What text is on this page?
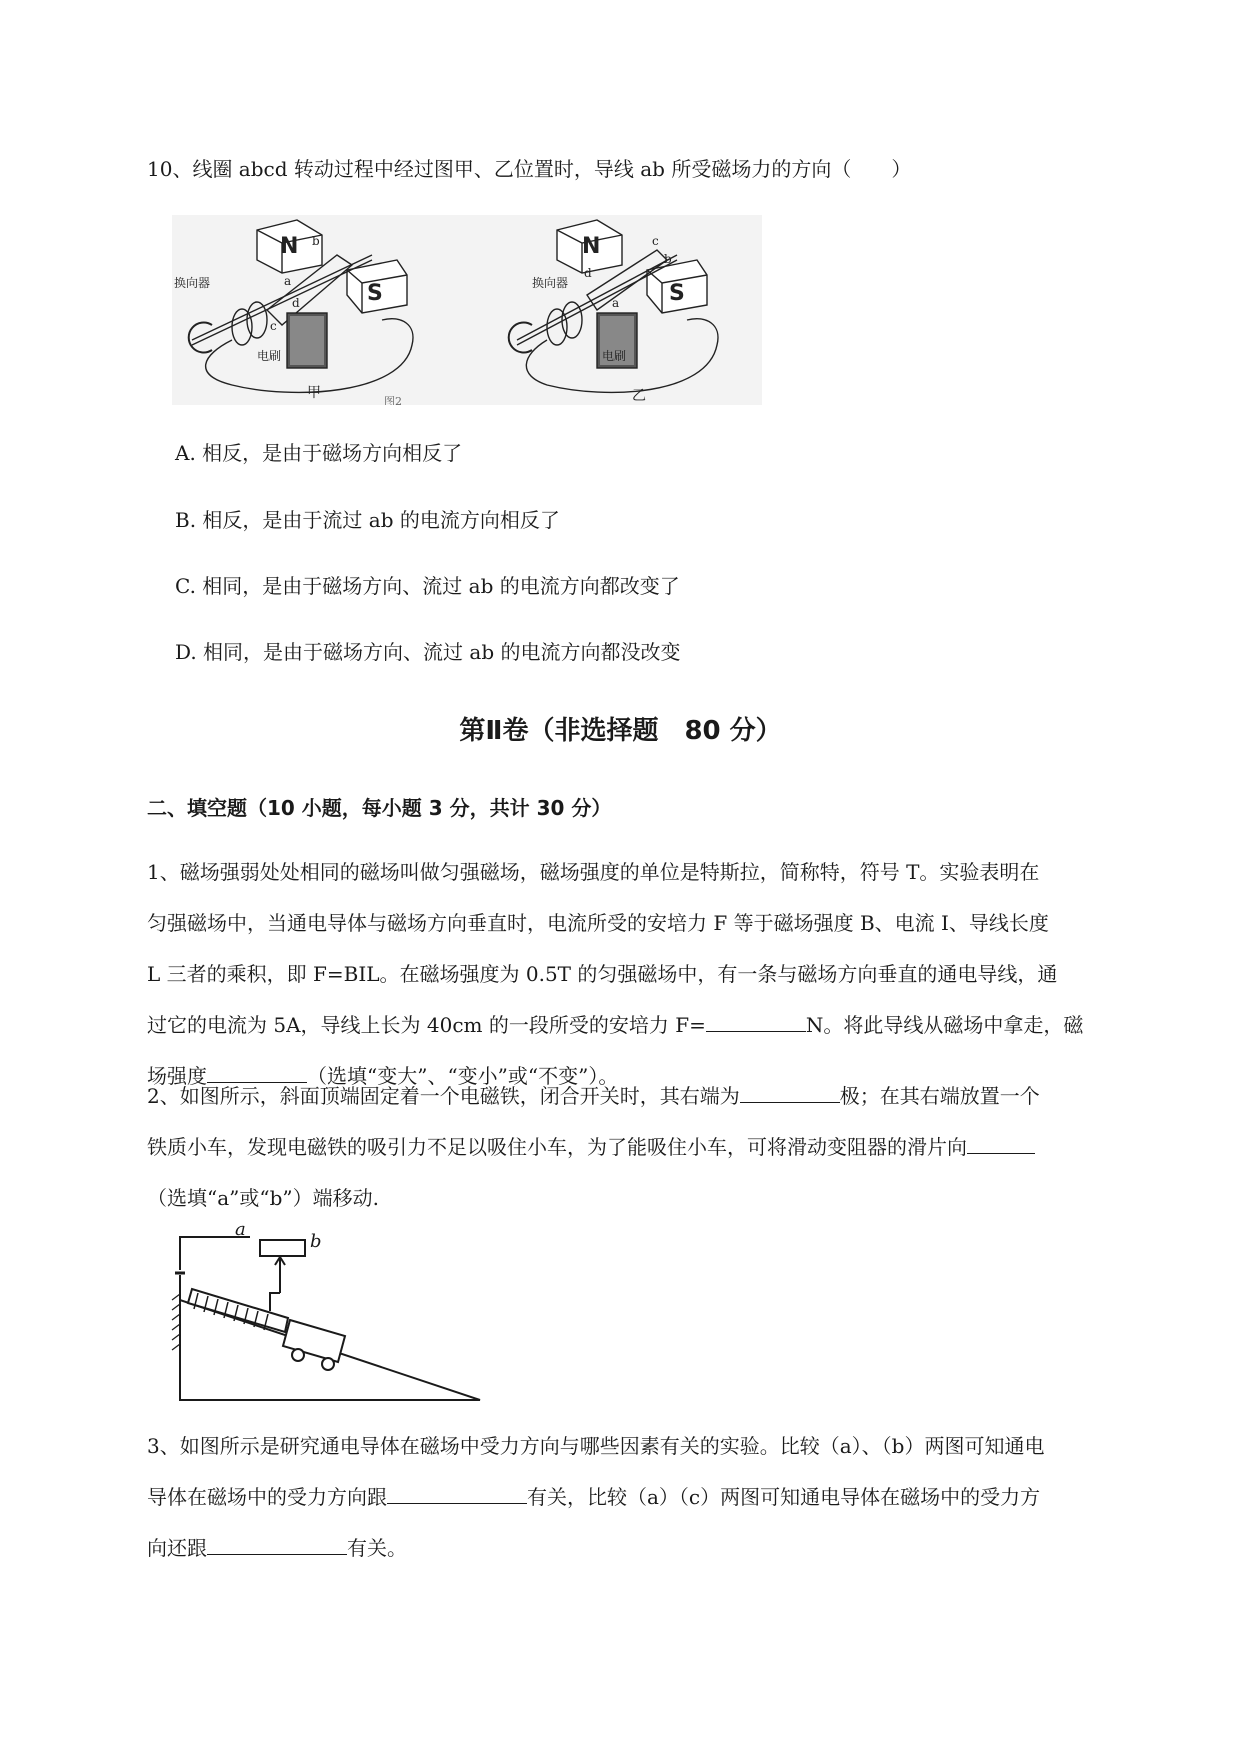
10、线圈 abcd 转动过程中经过图甲、乙位置时，导线 ab 所受磁场力的方向（　　）
N
S
换向器
电刷
a
b
c
d
甲
图2
N
S
换向器
电刷
d
c
b
a
乙
A. 相反，是由于磁场方向相反了
B. 相反，是由于流过 ab 的电流方向相反了
C. 相同，是由于磁场方向、流过 ab 的电流方向都改变了
D. 相同，是由于磁场方向、流过 ab 的电流方向都没改变
第Ⅱ卷（非选择题　80 分）
二、填空题（10 小题，每小题 3 分，共计 30 分）
1、磁场强弱处处相同的磁场叫做匀强磁场，磁场强度的单位是特斯拉，简称特，符号 T。实验表明在
匀强磁场中，当通电导体与磁场方向垂直时，电流所受的安培力 F 等于磁场强度 B、电流 I、导线长度
L 三者的乘积，即 F=BIL。在磁场强度为 0.5T 的匀强磁场中，有一条与磁场方向垂直的通电导线，通
过它的电流为 5A，导线上长为 40cm 的一段所受的安培力 F=	N。将此导线从磁场中拿走，磁
场强度	（选填“变大”、“变小”或“不变”）。
2、如图所示，斜面顶端固定着一个电磁铁，闭合开关时，其右端为	极；在其右端放置一个
铁质小车，发现电磁铁的吸引力不足以吸住小车，为了能吸住小车，可将滑动变阻器的滑片向
（选填“a”或“b”）端移动.
a
b
3、如图所示是研究通电导体在磁场中受力方向与哪些因素有关的实验。比较（a）、（b）两图可知通电
导体在磁场中的受力方向跟	有关，比较（a）（c）两图可知通电导体在磁场中的受力方
向还跟	有关。
